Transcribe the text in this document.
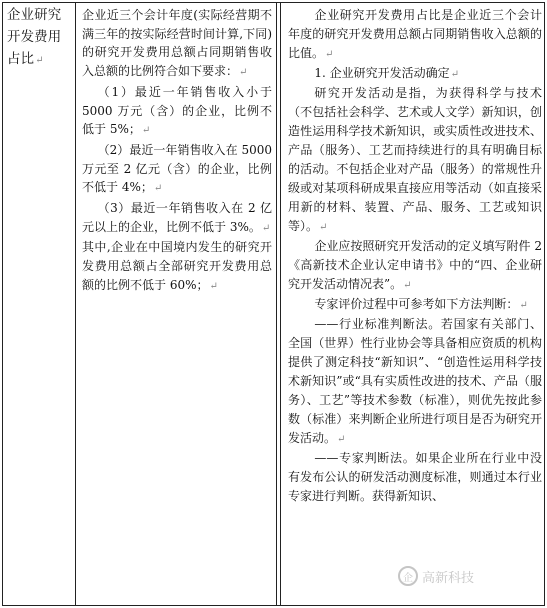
企业研究开发费用占比↵

企业近三个会计年度(实际经营期不满三年的按实际经营时间计算,下同)的研究开发费用总额占同期销售收入总额的比例符合如下要求：↵

（1）最近一年销售收入小于5000 万元（含）的企业，比例不低于 5%；↵

（2）最近一年销售收入在 5000 万元至 2 亿元（含）的企业，比例不低于 4%；↵

（3）最近一年销售收入在 2 亿元以上的企业，比例不低于 3%。↵

其中,企业在中国境内发生的研究开发费用总额占全部研究开发费用总额的比例不低于 60%；↵

企业研究开发费用占比是企业近三个会计年度的研究开发费用总额占同期销售收入总额的比值。↵

1. 企业研究开发活动确定↵

研究开发活动是指，为获得科学与技术（不包括社会科学、艺术或人文学）新知识，创造性运用科学技术新知识，或实质性改进技术、产品（服务）、工艺而持续进行的具有明确目标的活动。不包括企业对产品（服务）的常规性升级或对某项科研成果直接应用等活动（如直接采用新的材料、装置、产品、服务、工艺或知识等）。↵

企业应按照研究开发活动的定义填写附件 2《高新技术企业认定申请书》中的“四、企业研究开发活动情况表”。↵

专家评价过程中可参考如下方法判断：↵

——行业标准判断法。若国家有关部门、全国（世界）性行业协会等具备相应资质的机构提供了测定科技“新知识”、“创造性运用科学技术新知识”或“具有实质性改进的技术、产品（服务）、工艺”等技术参数（标准），则优先按此参数（标准）来判断企业所进行项目是否为研究开发活动。↵

——专家判断法。如果企业所在行业中没有发布公认的研发活动测度标准，则通过本行业专家进行判断。获得新知识、

企 高新科技
